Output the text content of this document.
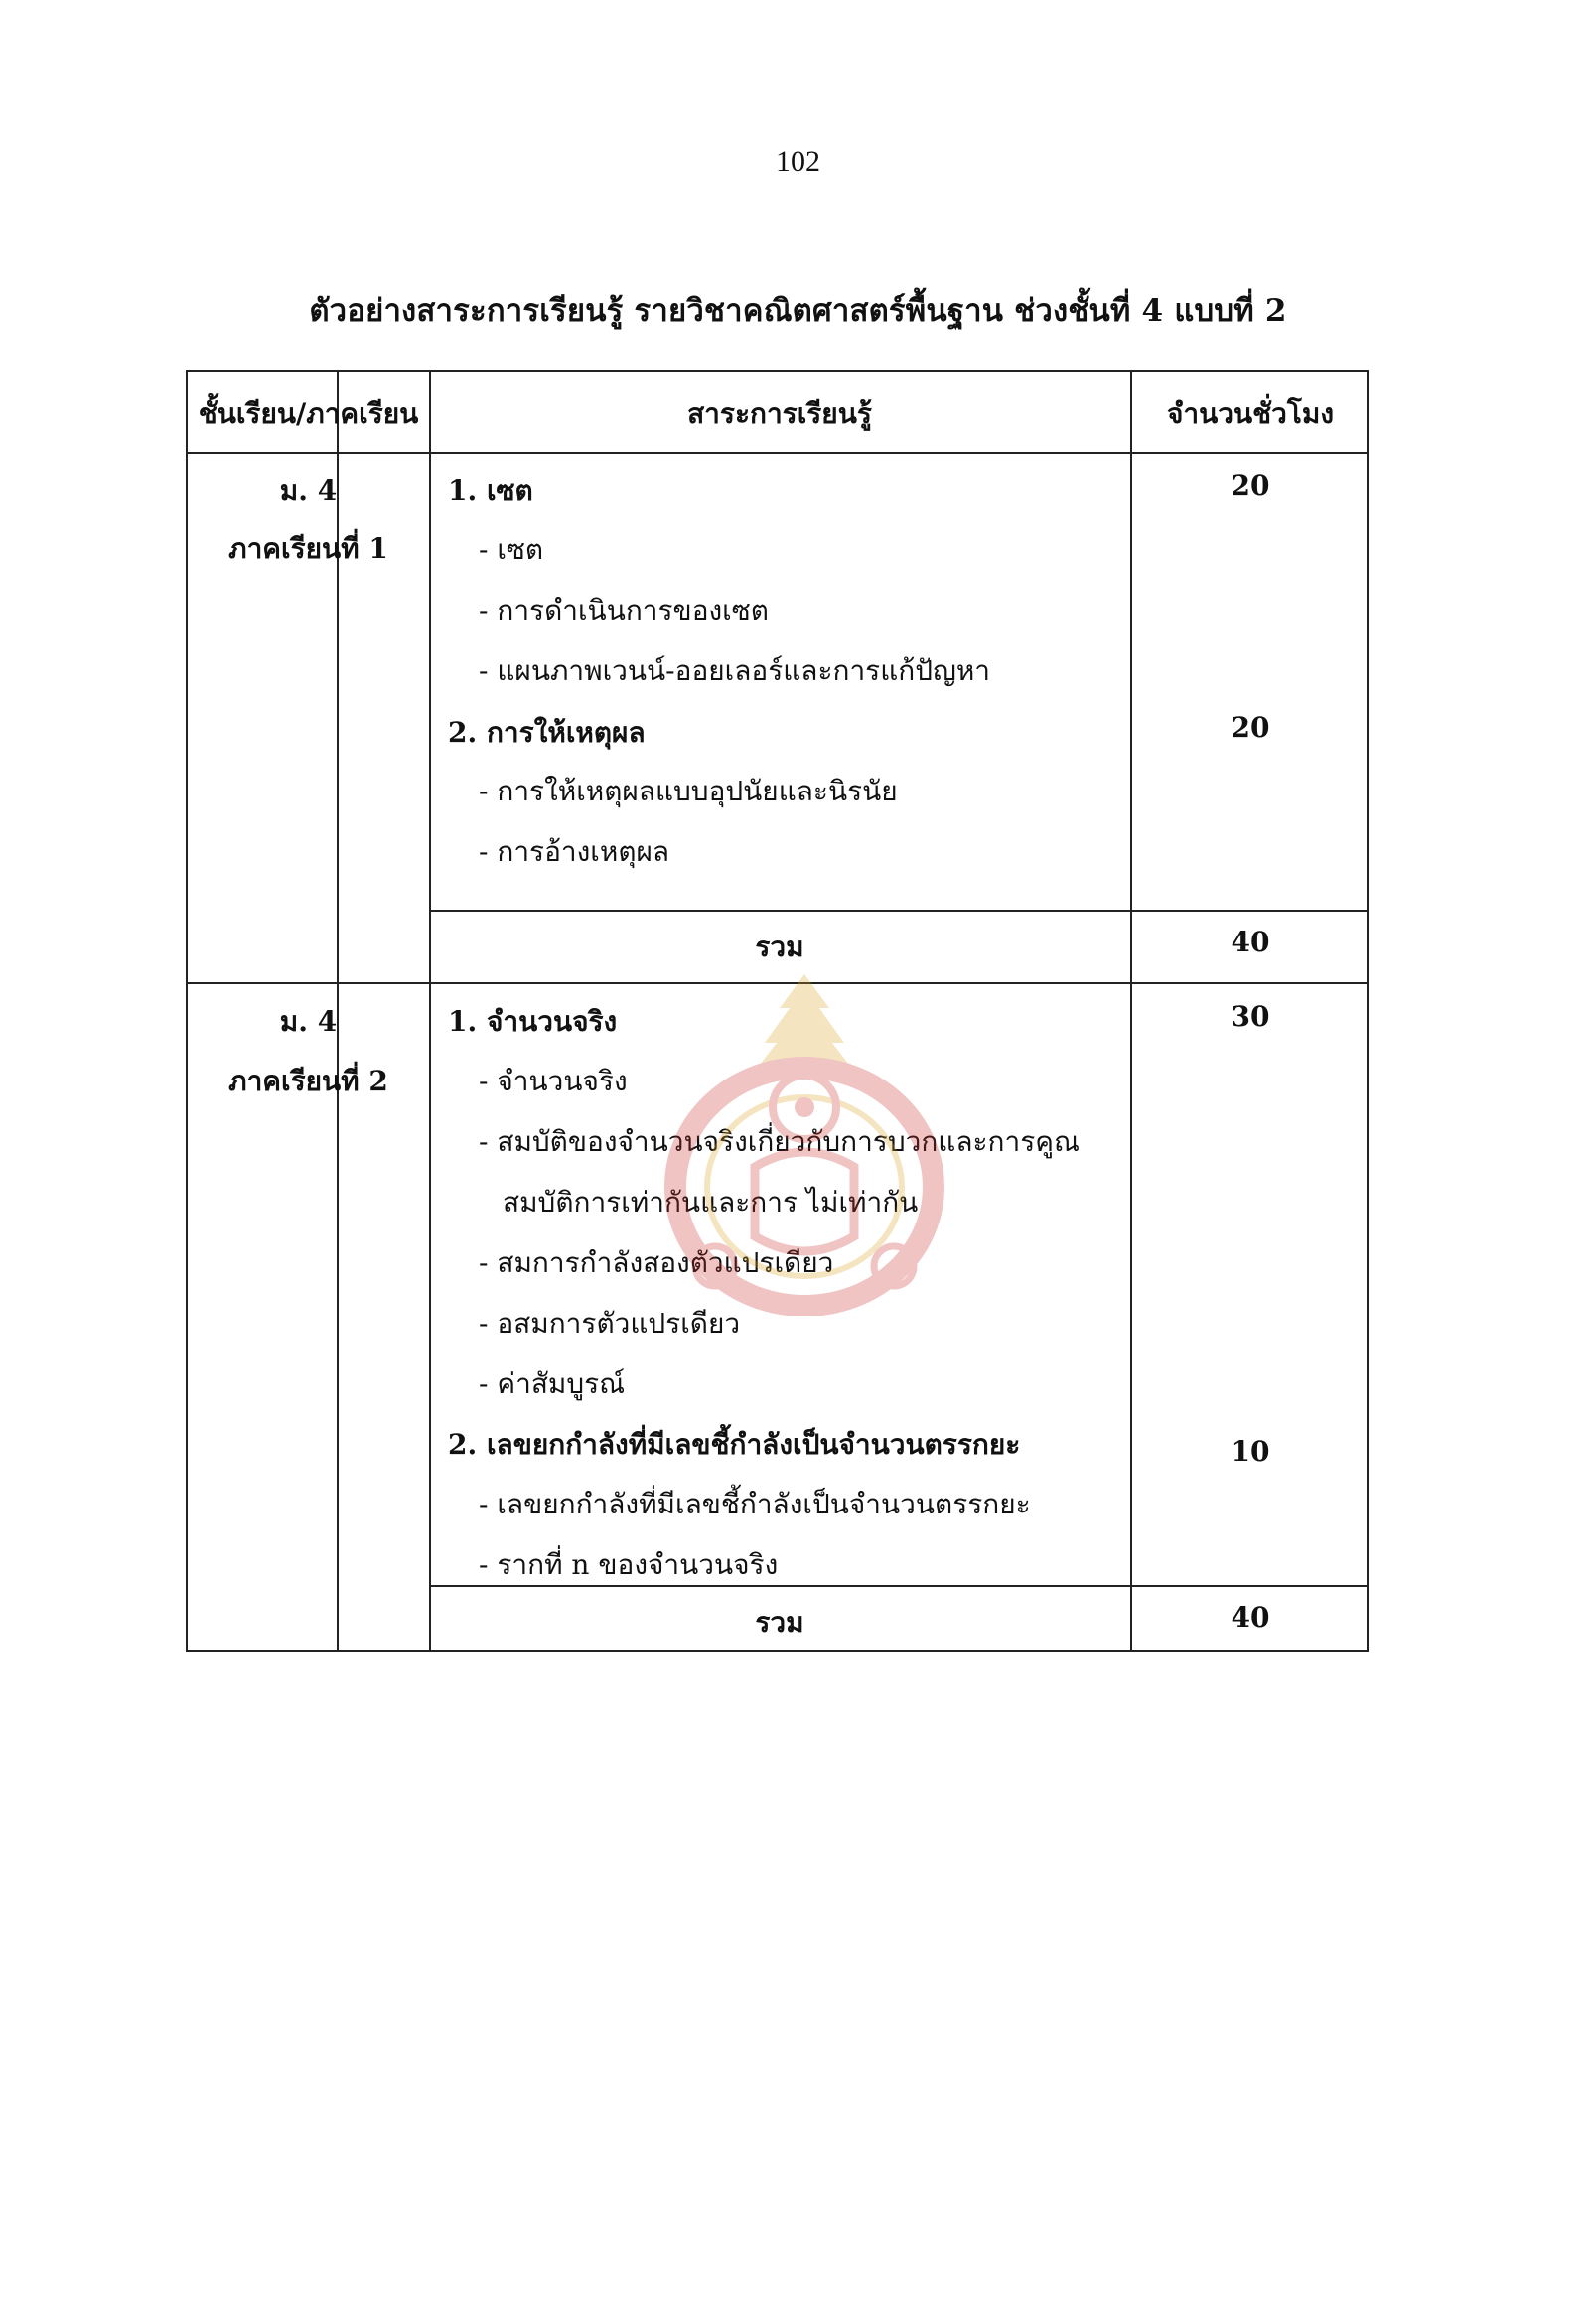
102
ตัวอย่างสาระการเรียนรู้ รายวิชาคณิตศาสตร์พื้นฐาน ช่วงชั้นที่ 4 แบบที่ 2
ชั้นเรียน/ภาคเรียน	สาระการเรียนรู้	จำนวนชั่วโมง
ม. 4
ภาคเรียนที่ 1
1. เซต	20
- เซต
- การดำเนินการของเซต
- แผนภาพเวนน์-ออยเลอร์และการแก้ปัญหา
2. การให้เหตุผล	20
- การให้เหตุผลแบบอุปนัยและนิรนัย
- การอ้างเหตุผล
รวม	40
ม. 4
ภาคเรียนที่ 2
1. จำนวนจริง	30
- จำนวนจริง
- สมบัติของจำนวนจริงเกี่ยวกับการบวกและการคูณ
สมบัติการเท่ากันและการ ไม่เท่ากัน
- สมการกำลังสองตัวแปรเดียว
- อสมการตัวแปรเดียว
- ค่าสัมบูรณ์
2. เลขยกกำลังที่มีเลขชี้กำลังเป็นจำนวนตรรกยะ	10
- เลขยกกำลังที่มีเลขชี้กำลังเป็นจำนวนตรรกยะ
- รากที่ n ของจำนวนจริง
รวม	40
